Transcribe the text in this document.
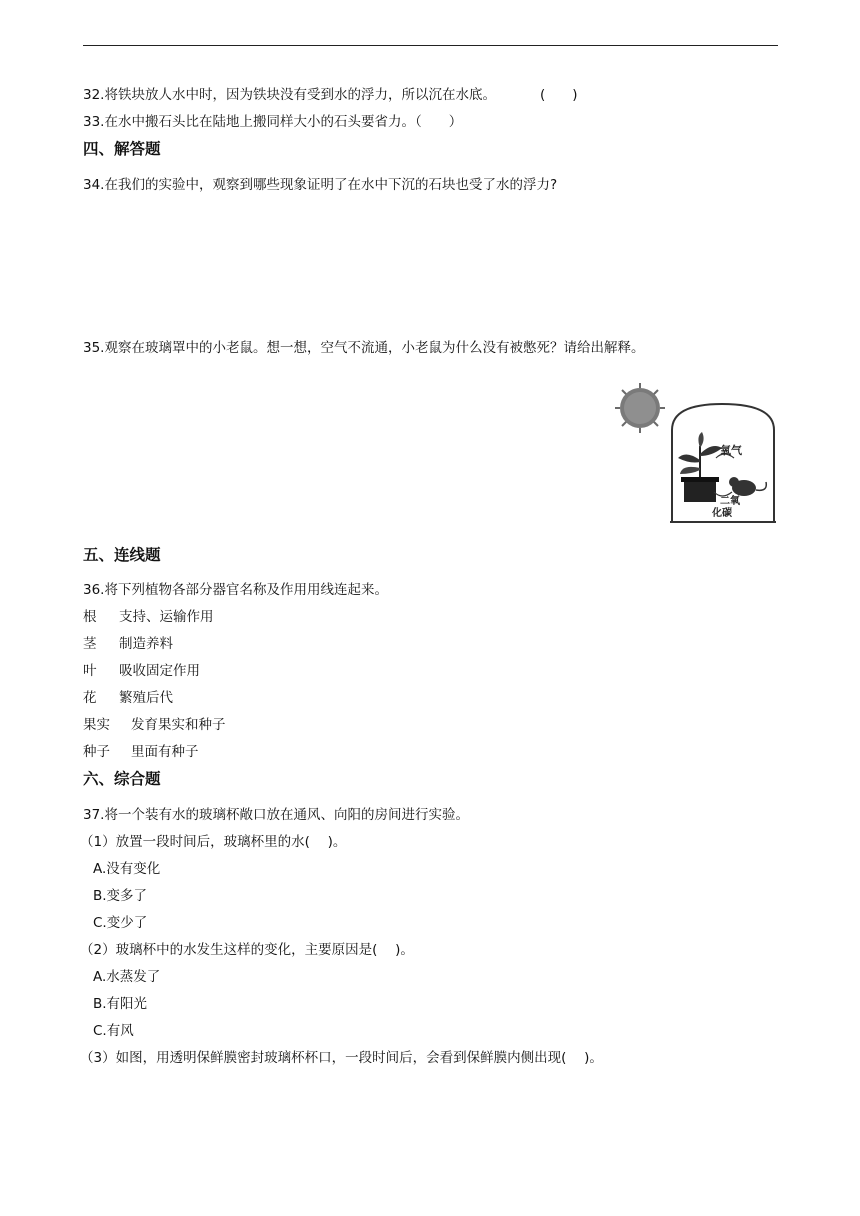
32.将铁块放人水中时，因为铁块没有受到水的浮力，所以沉在水底。	(　　)
33.在水中搬石头比在陆地上搬同样大小的石头要省力。（　　）
四、解答题
34.在我们的实验中，观察到哪些现象证明了在水中下沉的石块也受了水的浮力?
35.观察在玻璃罩中的小老鼠。想一想，空气不流通，小老鼠为什么没有被憋死？请给出解释。
氧气
二氧
化碳
五、连线题
36.将下列植物各部分器官名称及作用用线连起来。
根 支持、运输作用
茎 制造养料
叶 吸收固定作用
花 繁殖后代
果实 发育果实和种子
种子 里面有种子
六、综合题
37.将一个装有水的玻璃杯敞口放在通风、向阳的房间进行实验。
（1）放置一段时间后，玻璃杯里的水(　 )。
A.没有变化
B.变多了
C.变少了
（2）玻璃杯中的水发生这样的变化，主要原因是(　 )。
A.水蒸发了
B.有阳光
C.有风
（3）如图，用透明保鲜膜密封玻璃杯杯口，一段时间后，会看到保鲜膜内侧出现(　 )。
